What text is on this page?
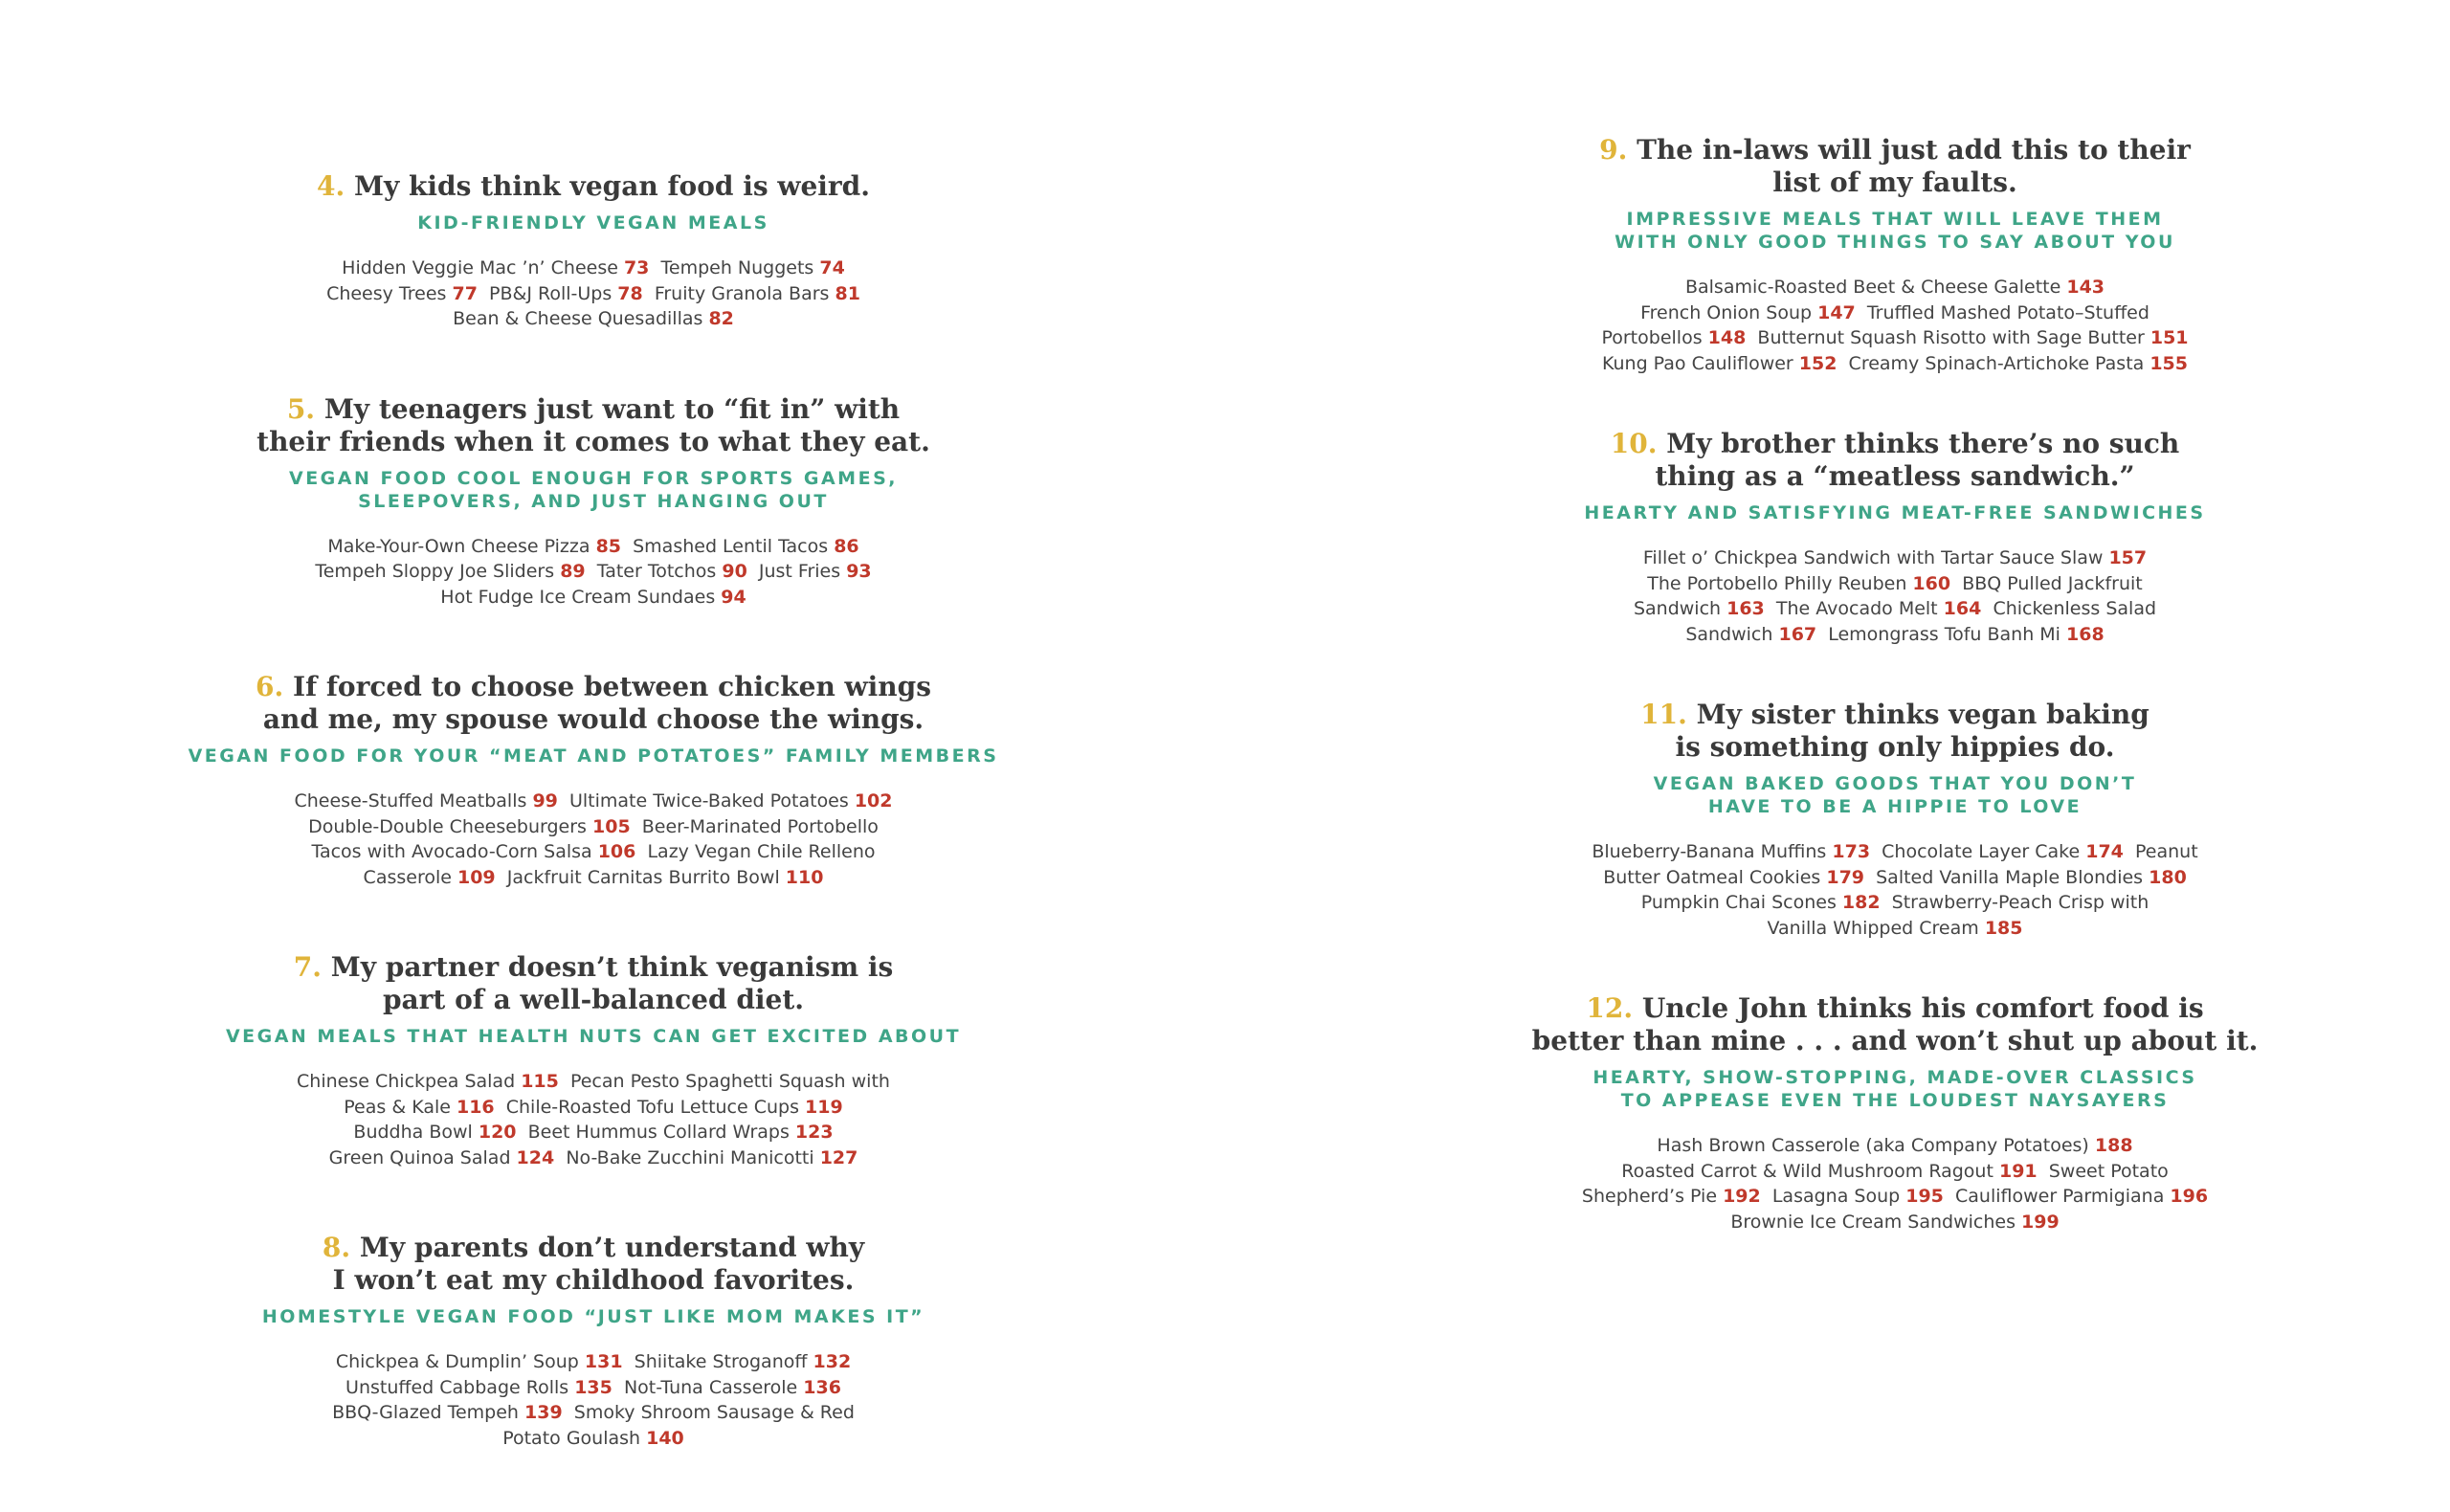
4. My kids think vegan food is weird.
KID-FRIENDLY VEGAN MEALS
Hidden Veggie Mac ’n’ Cheese 73 Tempeh Nuggets 74
Cheesy Trees 77 PB&J Roll-Ups 78 Fruity Granola Bars 81
Bean & Cheese Quesadillas 82
5. My teenagers just want to “fit in” with
their friends when it comes to what they eat.
VEGAN FOOD COOL ENOUGH FOR SPORTS GAMES,
SLEEPOVERS, AND JUST HANGING OUT
Make-Your-Own Cheese Pizza 85 Smashed Lentil Tacos 86
Tempeh Sloppy Joe Sliders 89 Tater Totchos 90 Just Fries 93
Hot Fudge Ice Cream Sundaes 94
6. If forced to choose between chicken wings
and me, my spouse would choose the wings.
VEGAN FOOD FOR YOUR “MEAT AND POTATOES” FAMILY MEMBERS
Cheese-Stuffed Meatballs 99 Ultimate Twice-Baked Potatoes 102
Double-Double Cheeseburgers 105 Beer-Marinated Portobello
Tacos with Avocado-Corn Salsa 106 Lazy Vegan Chile Relleno
Casserole 109 Jackfruit Carnitas Burrito Bowl 110
7. My partner doesn’t think veganism is
part of a well-balanced diet.
VEGAN MEALS THAT HEALTH NUTS CAN GET EXCITED ABOUT
Chinese Chickpea Salad 115 Pecan Pesto Spaghetti Squash with
Peas & Kale 116 Chile-Roasted Tofu Lettuce Cups 119
Buddha Bowl 120 Beet Hummus Collard Wraps 123
Green Quinoa Salad 124 No-Bake Zucchini Manicotti 127
8. My parents don’t understand why
I won’t eat my childhood favorites.
HOMESTYLE VEGAN FOOD “JUST LIKE MOM MAKES IT”
Chickpea & Dumplin’ Soup 131 Shiitake Stroganoff 132
Unstuffed Cabbage Rolls 135 Not-Tuna Casserole 136
BBQ-Glazed Tempeh 139 Smoky Shroom Sausage & Red
Potato Goulash 140
9. The in-laws will just add this to their
list of my faults.
IMPRESSIVE MEALS THAT WILL LEAVE THEM
WITH ONLY GOOD THINGS TO SAY ABOUT YOU
Balsamic-Roasted Beet & Cheese Galette 143
French Onion Soup 147 Truffled Mashed Potato–Stuffed
Portobellos 148 Butternut Squash Risotto with Sage Butter 151
Kung Pao Cauliflower 152 Creamy Spinach-Artichoke Pasta 155
10. My brother thinks there’s no such
thing as a “meatless sandwich.”
HEARTY AND SATISFYING MEAT-FREE SANDWICHES
Fillet o’ Chickpea Sandwich with Tartar Sauce Slaw 157
The Portobello Philly Reuben 160 BBQ Pulled Jackfruit
Sandwich 163 The Avocado Melt 164 Chickenless Salad
Sandwich 167 Lemongrass Tofu Banh Mi 168
11. My sister thinks vegan baking
is something only hippies do.
VEGAN BAKED GOODS THAT YOU DON’T
HAVE TO BE A HIPPIE TO LOVE
Blueberry-Banana Muffins 173 Chocolate Layer Cake 174 Peanut
Butter Oatmeal Cookies 179 Salted Vanilla Maple Blondies 180
Pumpkin Chai Scones 182 Strawberry-Peach Crisp with
Vanilla Whipped Cream 185
12. Uncle John thinks his comfort food is
better than mine . . . and won’t shut up about it.
HEARTY, SHOW-STOPPING, MADE-OVER CLASSICS
TO APPEASE EVEN THE LOUDEST NAYSAYERS
Hash Brown Casserole (aka Company Potatoes) 188
Roasted Carrot & Wild Mushroom Ragout 191 Sweet Potato
Shepherd’s Pie 192 Lasagna Soup 195 Cauliflower Parmigiana 196
Brownie Ice Cream Sandwiches 199
